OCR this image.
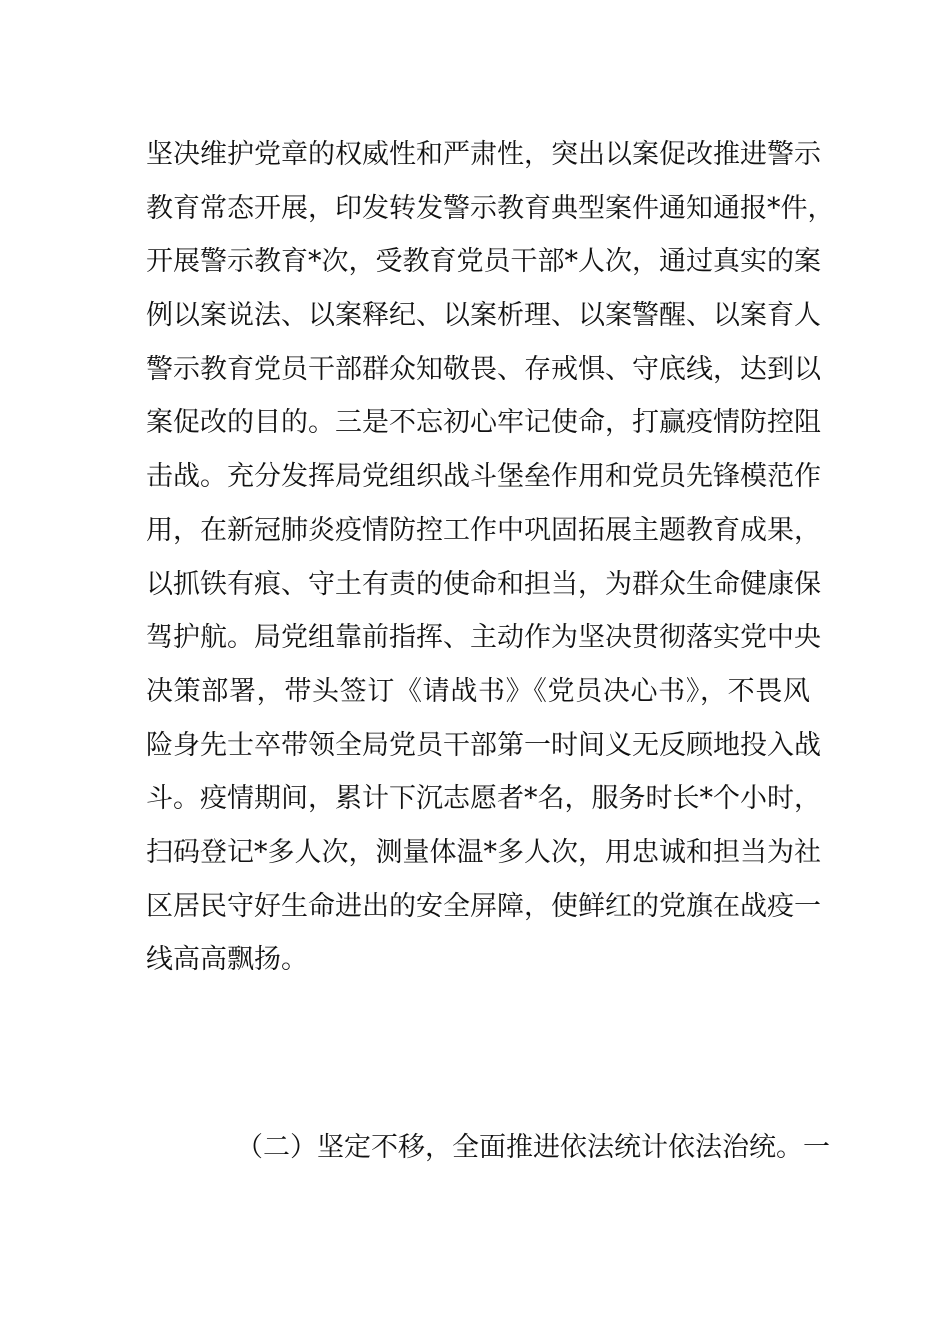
坚决维护党章的权威性和严肃性，突出以案促改推进警示
教育常态开展，印发转发警示教育典型案件通知通报*件，
开展警示教育*次，受教育党员干部*人次，通过真实的案
例以案说法、以案释纪、以案析理、以案警醒、以案育人
警示教育党员干部群众知敬畏、存戒惧、守底线，达到以
案促改的目的。三是不忘初心牢记使命，打赢疫情防控阻
击战。充分发挥局党组织战斗堡垒作用和党员先锋模范作
用，在新冠肺炎疫情防控工作中巩固拓展主题教育成果，
以抓铁有痕、守土有责的使命和担当，为群众生命健康保
驾护航。局党组靠前指挥、主动作为坚决贯彻落实党中央
决策部署，带头签订《请战书》《党员决心书》，不畏风
险身先士卒带领全局党员干部第一时间义无反顾地投入战
斗。疫情期间，累计下沉志愿者*名，服务时长*个小时，
扫码登记*多人次，测量体温*多人次，用忠诚和担当为社
区居民守好生命进出的安全屏障，使鲜红的党旗在战疫一
线高高飘扬。
（二）坚定不移，全面推进依法统计依法治统。一
